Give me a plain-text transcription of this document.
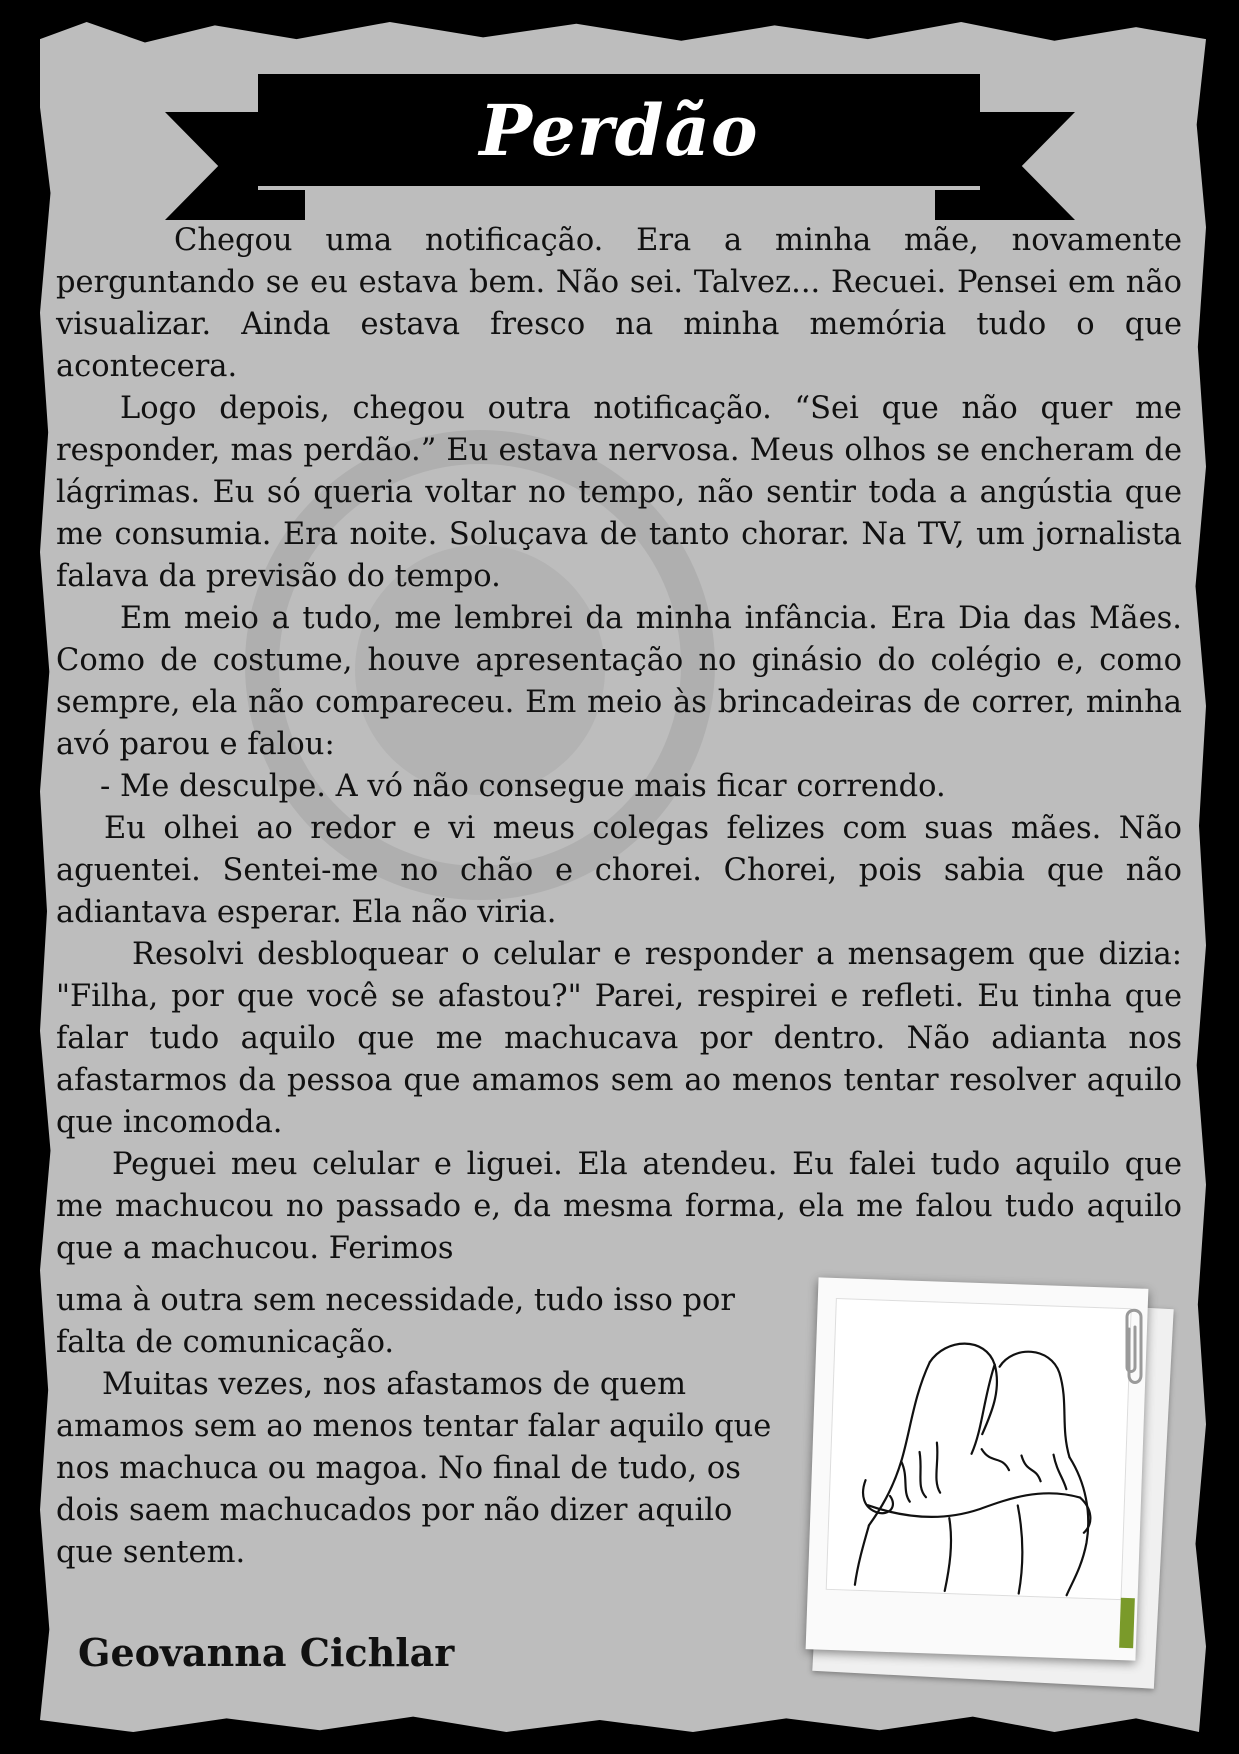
Perdão

Chegou uma notificação. Era a minha mãe, novamente perguntando se eu estava bem. Não sei. Talvez... Recuei. Pensei em não visualizar. Ainda estava fresco na minha memória tudo o que acontecera.

Logo depois, chegou outra notificação. “Sei que não quer me responder, mas perdão.” Eu estava nervosa. Meus olhos se encheram de lágrimas. Eu só queria voltar no tempo, não sentir toda a angústia que me consumia. Era noite. Soluçava de tanto chorar. Na TV, um jornalista falava da previsão do tempo.

Em meio a tudo, me lembrei da minha infância. Era Dia das Mães. Como de costume, houve apresentação no ginásio do colégio e, como sempre, ela não compareceu. Em meio às brincadeiras de correr, minha avó parou e falou:

- Me desculpe. A vó não consegue mais ficar correndo.

Eu olhei ao redor e vi meus colegas felizes com suas mães. Não aguentei. Sentei-me no chão e chorei. Chorei, pois sabia que não adiantava esperar. Ela não viria.

Resolvi desbloquear o celular e responder a mensagem que dizia: "Filha, por que você se afastou?" Parei, respirei e refleti. Eu tinha que falar tudo aquilo que me machucava por dentro. Não adianta nos afastarmos da pessoa que amamos sem ao menos tentar resolver aquilo que incomoda.

Peguei meu celular e liguei. Ela atendeu. Eu falei tudo aquilo que me machucou no passado e, da mesma forma, ela me falou tudo aquilo que a machucou. Ferimos

uma à outra sem necessidade, tudo isso por falta de comunicação.

Muitas vezes, nos afastamos de quem amamos sem ao menos tentar falar aquilo que nos machuca ou magoa. No final de tudo, os dois saem machucados por não dizer aquilo que sentem.

Geovanna Cichlar
